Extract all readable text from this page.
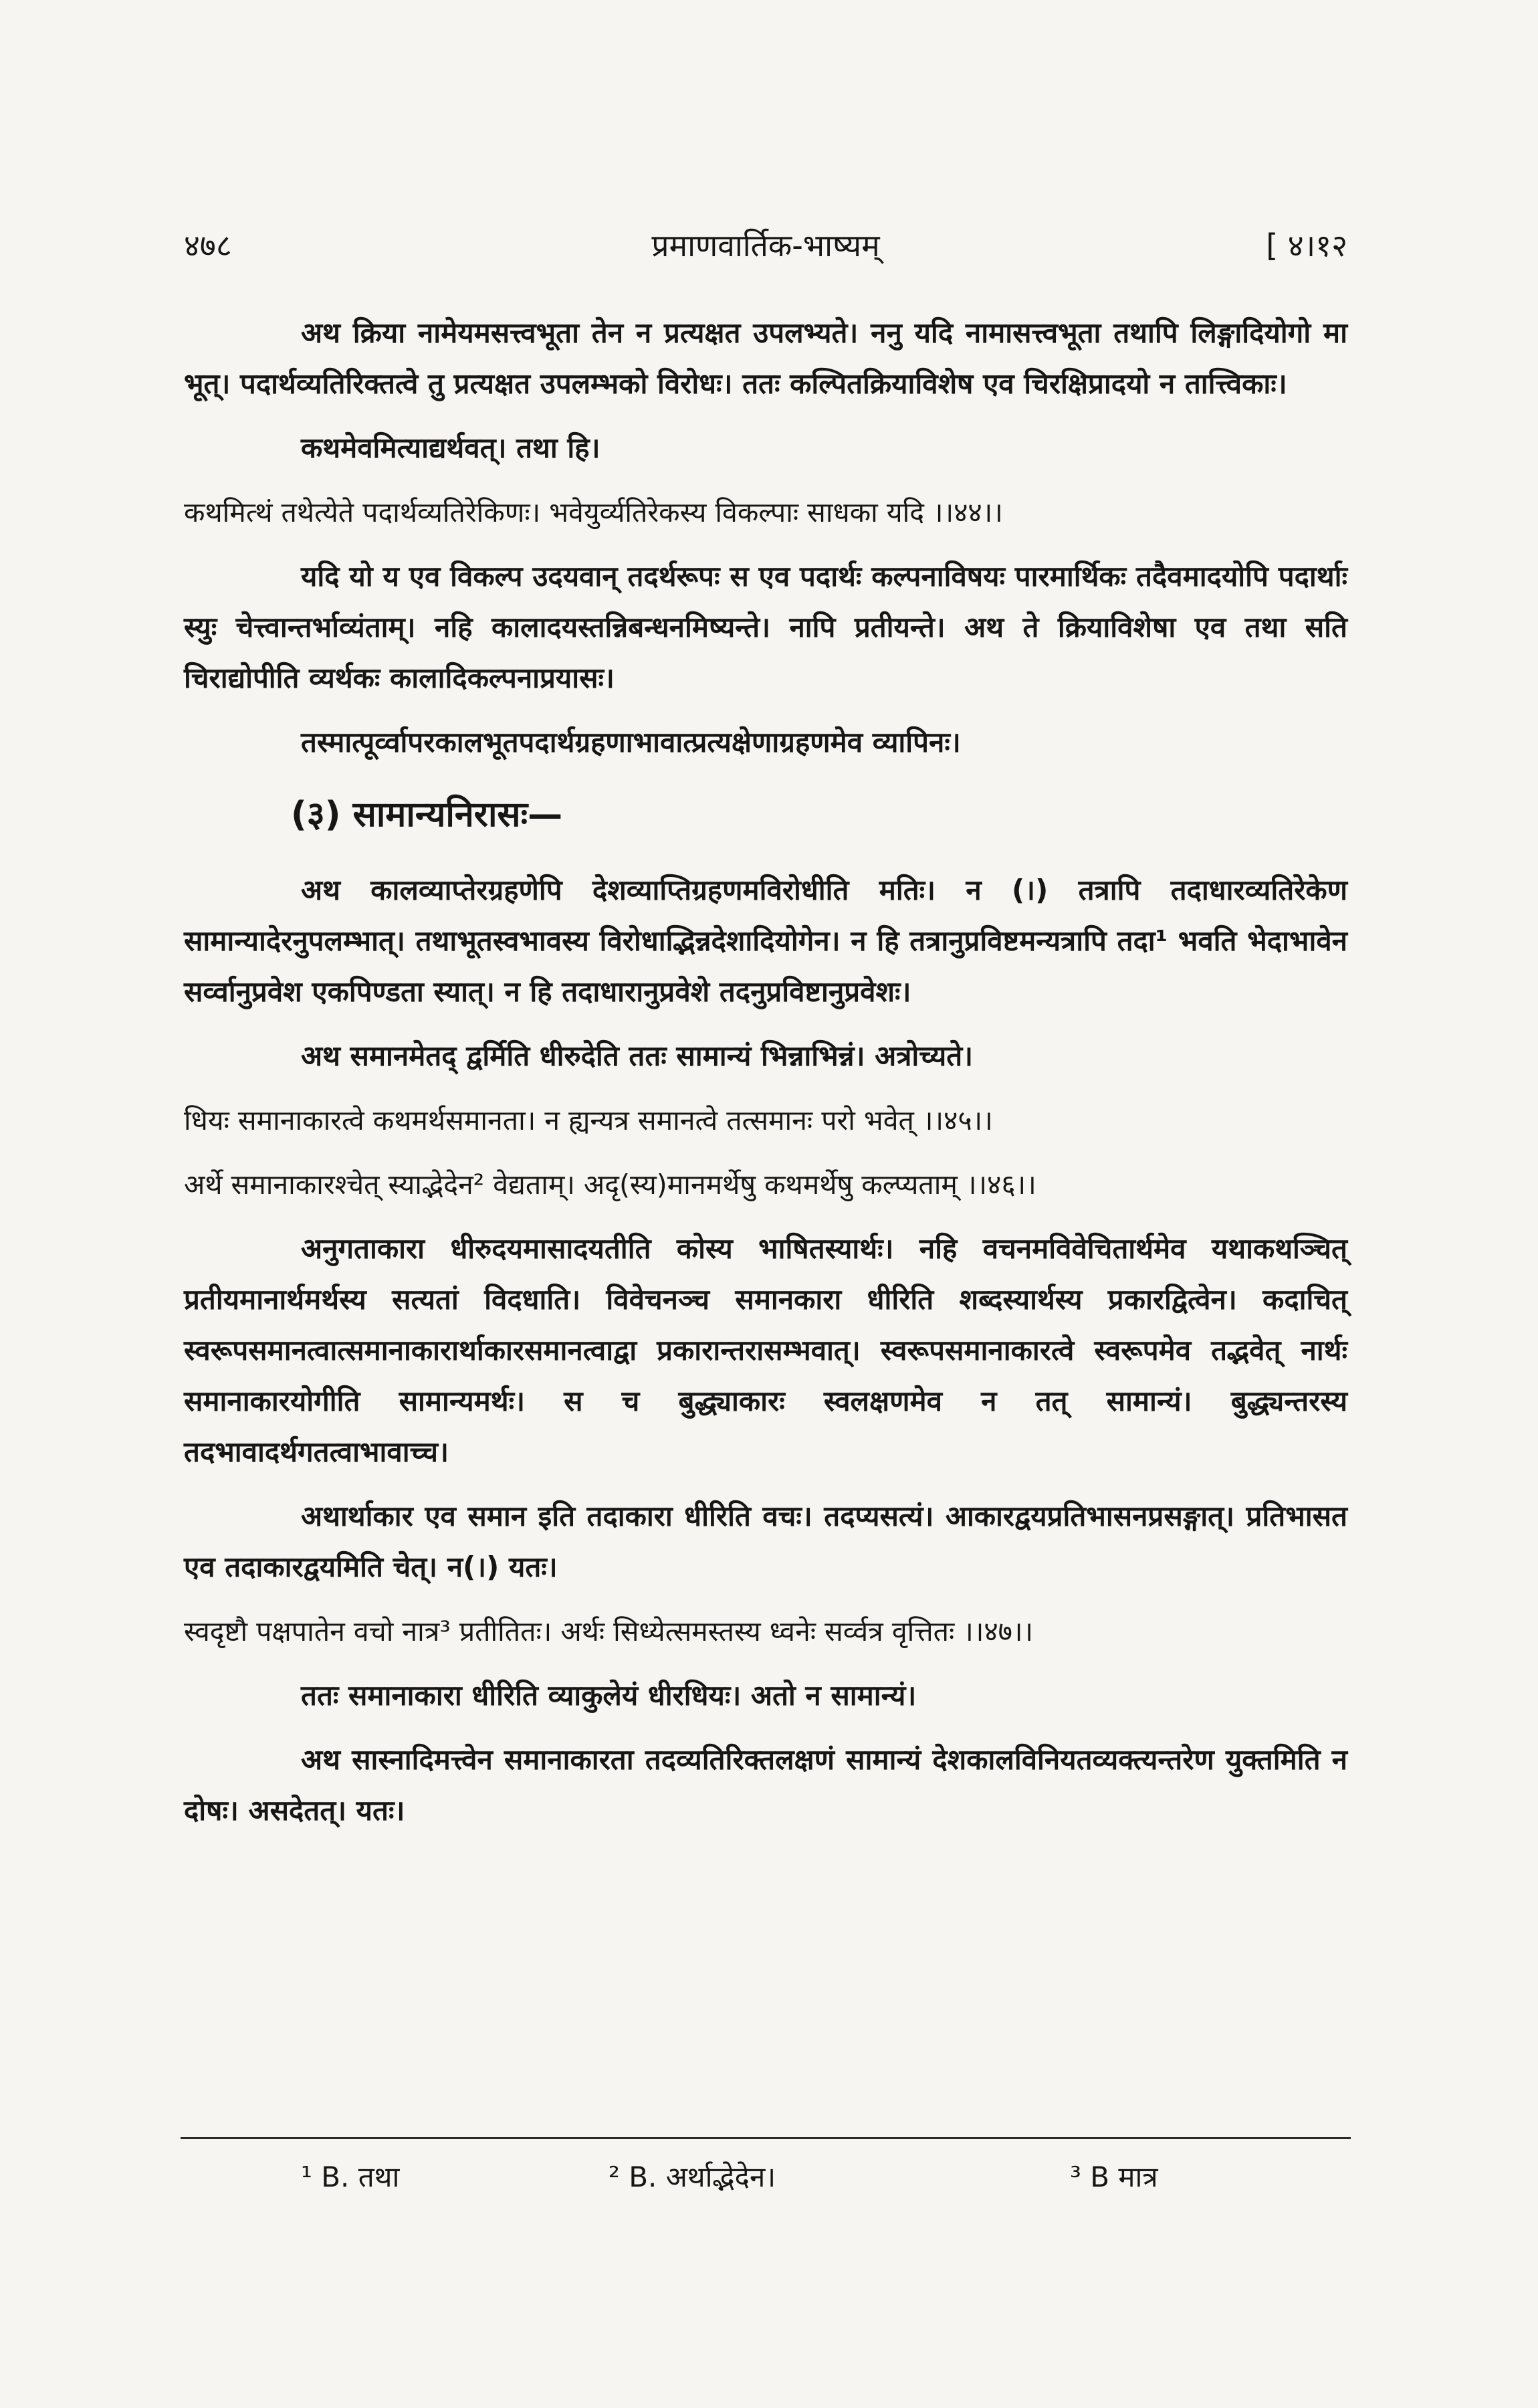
४७८	प्रमाणवार्तिक-भाष्यम्	[ ४।१२

अथ क्रिया नामेयमसत्त्वभूता तेन न प्रत्यक्षत उपलभ्यते। ननु यदि नामासत्त्वभूता तथापि लिङ्गादियोगो मा भूत्। पदार्थव्यतिरिक्तत्वे तु प्रत्यक्षत उपलम्भको विरोधः। ततः कल्पितक्रियाविशेष एव चिरक्षिप्रादयो न तात्त्विकाः।

कथमेवमित्याद्यर्थवत्। तथा हि।

कथमित्थं तथेत्येते पदार्थव्यतिरेकिणः। भवेयुर्व्यतिरेकस्य विकल्पाः साधका यदि ।।४४।।

यदि यो य एव विकल्प उदयवान् तदर्थरूपः स एव पदार्थः कल्पनाविषयः पारमार्थिकः तदैवमादयोपि पदार्थाः स्युः चेत्त्वान्तर्भाव्यंताम्। नहि कालादयस्तन्निबन्धनमिष्यन्ते। नापि प्रतीयन्ते। अथ ते क्रियाविशेषा एव तथा सति चिराद्योपीति व्यर्थकः कालादिकल्पनाप्रयासः।

तस्मात्पूर्व्वापरकालभूतपदार्थग्रहणाभावात्प्रत्यक्षेणाग्रहणमेव व्यापिनः।

(३) सामान्यनिरासः—

अथ कालव्याप्तेरग्रहणेपि देशव्याप्तिग्रहणमविरोधीति मतिः। न (।) तत्रापि तदाधारव्यतिरेकेण सामान्यादेरनुपलम्भात्। तथाभूतस्वभावस्य विरोधाद्भिन्नदेशादियोगेन। न हि तत्रानुप्रविष्टमन्यत्रापि तदा¹ भवति भेदाभावेन सर्व्वानुप्रवेश एकपिण्डता स्यात्। न हि तदाधारानुप्रवेशे तदनुप्रविष्टानुप्रवेशः।

अथ समानमेतद् द्वर्मिति धीरुदेति ततः सामान्यं भिन्नाभिन्नं। अत्रोच्यते।

धियः समानाकारत्वे कथमर्थसमानता। न ह्यन्यत्र समानत्वे तत्समानः परो भवेत् ।।४५।।

अर्थे समानाकारश्चेत् स्याद्भेदेन² वेद्यताम्। अदृ(स्य)मानमर्थेषु कथमर्थेषु कल्प्यताम् ।।४६।।

अनुगताकारा धीरुदयमासादयतीति कोस्य भाषितस्यार्थः। नहि वचनमविवेचितार्थमेव यथाकथञ्चित् प्रतीयमानार्थमर्थस्य सत्यतां विदधाति। विवेचनञ्च समानकारा धीरिति शब्दस्यार्थस्य प्रकारद्वित्वेन। कदाचित् स्वरूपसमानत्वात्समानाकारार्थाकारसमानत्वाद्वा प्रकारान्तरासम्भवात्। स्वरूपसमानाकारत्वे स्वरूपमेव तद्भवेत् नार्थः समानाकारयोगीति सामान्यमर्थः। स च बुद्ध्याकारः स्वलक्षणमेव न तत् सामान्यं। बुद्ध्यन्तरस्य तदभावादर्थगतत्वाभावाच्च।

अथार्थाकार एव समान इति तदाकारा धीरिति वचः। तदप्यसत्यं। आकारद्वयप्रतिभासनप्रसङ्गात्। प्रतिभासत एव तदाकारद्वयमिति चेत्। न(।) यतः।

स्वदृष्टौ पक्षपातेन वचो नात्र³ प्रतीतितः। अर्थः सिध्येत्समस्तस्य ध्वनेः सर्व्वत्र वृत्तितः ।।४७।।

ततः समानाकारा धीरिति व्याकुलेयं धीरधियः। अतो न सामान्यं।

अथ सास्नादिमत्त्वेन समानाकारता तदव्यतिरिक्तलक्षणं सामान्यं देशकालविनियतव्यक्त्यन्तरेण युक्तमिति न दोषः। असदेतत्। यतः।

¹ B. तथा	² B. अर्थाद्भेदेन।	³ B मात्र
